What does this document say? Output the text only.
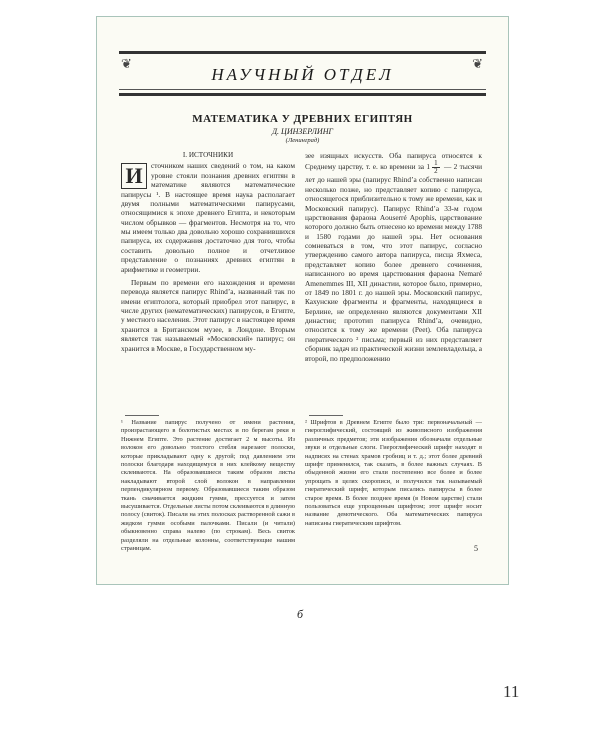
❦	❦
НАУЧНЫЙ ОТДЕЛ
МАТЕМАТИКА У ДРЕВНИХ ЕГИПТЯН
Д. ЦИНЗЕРЛИНГ
(Ленинград)

I. ИСТОЧНИКИ

И	сточником наших сведений о том, на каком уровне стояли познания древних египтян в математике являются математические папирусы ¹. В настоящее время наука располагает двумя полными математическими папирусами, относящимися к эпохе древнего Египта, и некоторым числом обрывков — фрагментов. Несмотря на то, что мы имеем только два довольно хорошо сохранившихся папируса, их содержания достаточно для того, чтобы составить довольно полное и отчетливое представление о познаниях древних египтян в арифметике и геометрии.

Первым по времени его нахождения и времени перевода является папирус Rhind’а, названный так по имени египтолога, который приобрел этот папирус, в числе других (нематематических) папирусов, в Египте, у местного населения. Этот папирус в настоящее время хранится в Британском музее, в Лондоне. Вторым является так называемый «Московский» папирус; он хранится в Москве, в Государственном му-

зее изящных искусств. Оба папируса относятся к Среднему царству, т. е. ко времени за $1 \frac{1}{2}$ — 2 тысячи лет до нашей эры (папирус Rhind’а собственно написан несколько позже, но представляет копию с папируса, относящегося приблизительно к тому же времени, как и Московский папирус). Папирус Rhind’а 33-м годом царствования фараона Aouserré Apophis, царствование которого должно быть отнесено ко времени между 1788 и 1580 годами до нашей эры. Нет основания сомневаться в том, что этот папирус, согласно утверждению самого автора папируса, писца Яхмеса, представляет копию более древнего сочинения, написанного во время царствования фараона Nemaré Amenemmes III, XII династии, которое было, примерно, от 1849 по 1801 г. до нашей эры. Московский папирус, Кахунские фрагменты и фрагменты, находящиеся в Берлине, не определенно являются документами XII династии; прототип папируса Rhind’а, очевидно, относится к тому же времени (Peet). Оба папируса гиератического ² письма; первый из них представляет сборник задач из практической жизни землевладельца, а второй, по предположению

¹ Название папирус получено от имени растения, произрастающего в болотистых местах и по берегам реки в Нижнем Египте. Это растение достигает 2 м высоты. Из волокон его довольно толстого стебля нарезают полоски, которые прикладывают одну к другой; под давлением эти полоски благодаря находящемуся в них клейкому веществу склеиваются. На образовавшиеся таким образом листы накладывают второй слой волокон в направлении перпендикулярном первому. Образовавшиеся таким образом ткань смачивается жидким гумми, прессуется и затем высушивается. Отдельные листы потом склеиваются в длинную полосу (свиток). Писали на этих полосках растворенной сажи в жидком гумми особыми палочками. Писали (и читали) обыкновенно справа налево (по строкам). Весь свиток разделяли на отдельные колонны, соответствующие нашим страницам.
² Шрифтов в Древнем Египте было три: первоначальный — гиероглифический, состоящий из живописного изображения различных предметов; эти изображения обозначали отдельные звуки и отдельные слоги. Гиероглифический шрифт находят в надписях на стенах храмов гробниц и т. д.; этот более древний шрифт применялся, так сказать, в более важных случаях. В обыденной жизни его стали постепенно все более и более упрощать в целях скорописи, и получился так называемый гиератический шрифт, которым писались папирусы в более старое время. В более позднее время (в Новом царстве) стали пользоваться еще упрощенным шрифтом; этот шрифт носит название демотического. Оба математических папируса написаны гиератическим шрифтом.
5
б
11
